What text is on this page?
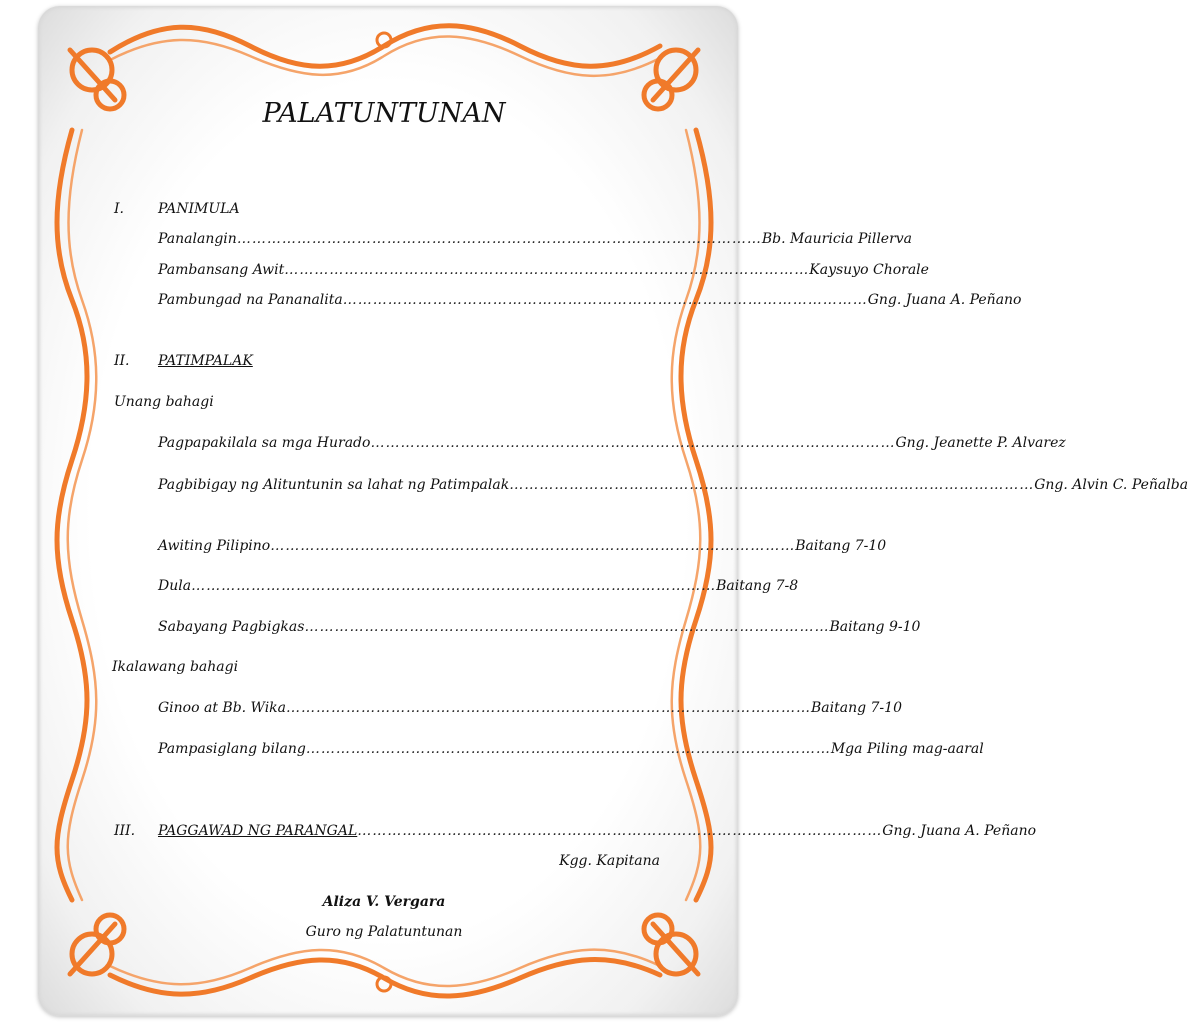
PALATUNTUNAN
I. PANIMULA
Panalangin …………………………………………………………………………………………… Bb. Mauricia Pillerva
Pambansang Awit …………………………………………………………………………………………… Kaysuyo Chorale
Pambungad na Pananalita …………………………………………………………………………………………… Gng. Juana A. Peñano
II. PATIMPALAK
Unang bahagi
Pagpapakilala sa mga Hurado …………………………………………………………………………………………… Gng. Jeanette P. Alvarez
Pagbibigay ng Alituntunin sa lahat ng Patimpalak …………………………………………………………………………………………… Gng. Alvin C. Peñalba
Awiting Pilipino …………………………………………………………………………………………… Baitang 7-10
Dula …………………………………………………………………………………………… Baitang 7-8
Sabayang Pagbigkas …………………………………………………………………………………………… Baitang 9-10
Ikalawang bahagi
Ginoo at Bb. Wika …………………………………………………………………………………………… Baitang 7-10
Pampasiglang bilang …………………………………………………………………………………………… Mga Piling mag-aaral
III. PAGGAWAD NG PARANGAL …………………………………………………………………………………………… Gng. Juana A. Peñano
Kgg. Kapitana
Aliza V. Vergara
Guro ng Palatuntunan
